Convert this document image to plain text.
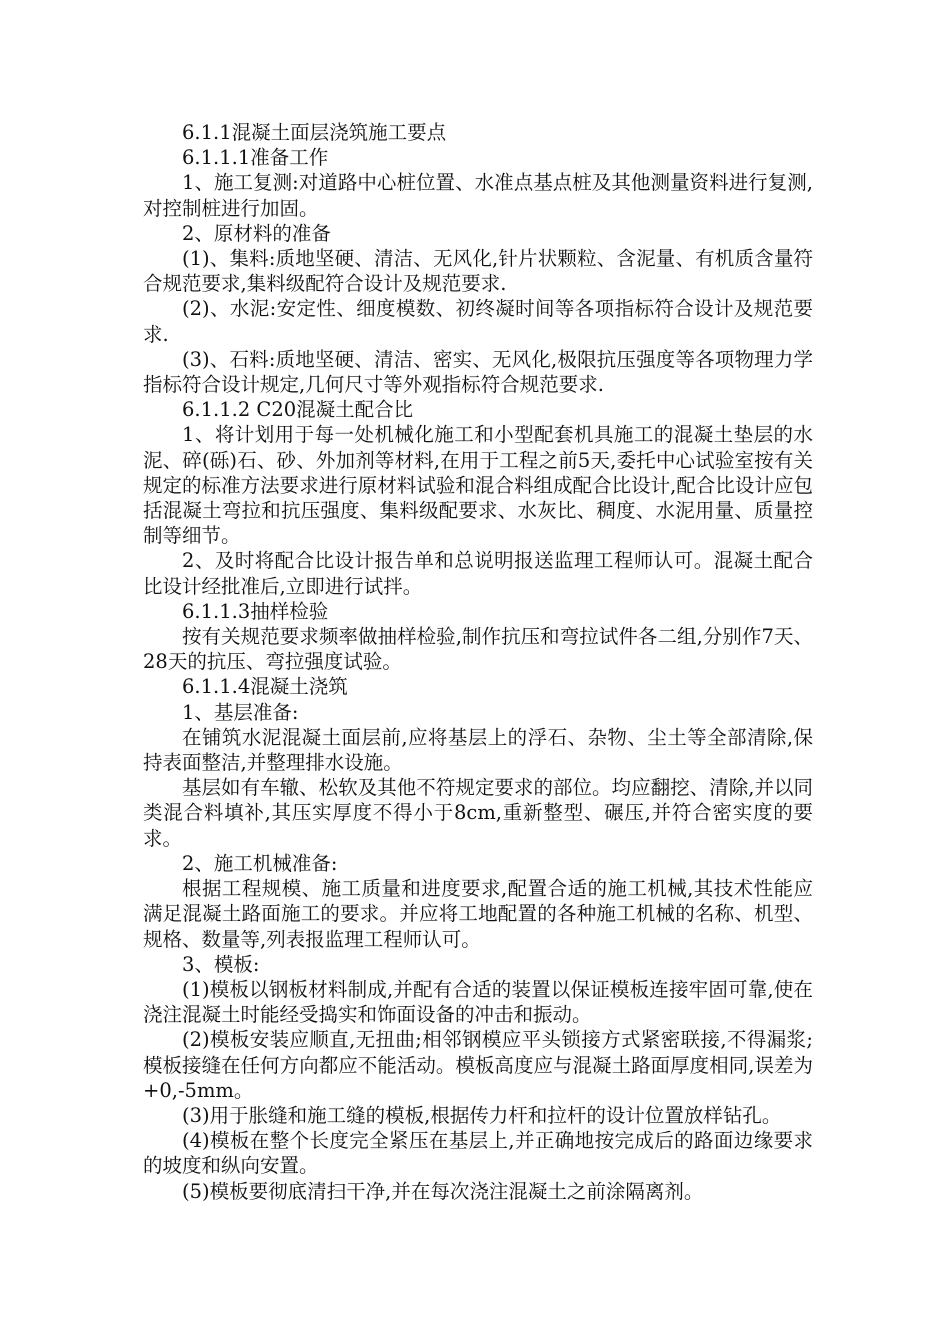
6.1.1混凝土面层浇筑施工要点

6.1.1.1准备工作

1、施工复测:对道路中心桩位置、水准点基点桩及其他测量资料进行复测,对控制桩进行加固。

2、原材料的准备

(1)、集料:质地坚硬、清洁、无风化,针片状颗粒、含泥量、有机质含量符合规范要求,集料级配符合设计及规范要求.

(2)、水泥:安定性、细度模数、初终凝时间等各项指标符合设计及规范要求.

(3)、石料:质地坚硬、清洁、密实、无风化,极限抗压强度等各项物理力学指标符合设计规定,几何尺寸等外观指标符合规范要求.

6.1.1.2 C20混凝土配合比

1、将计划用于每一处机械化施工和小型配套机具施工的混凝土垫层的水泥、碎(砾)石、砂、外加剂等材料,在用于工程之前5天,委托中心试验室按有关规定的标准方法要求进行原材料试验和混合料组成配合比设计,配合比设计应包括混凝土弯拉和抗压强度、集料级配要求、水灰比、稠度、水泥用量、质量控制等细节。

2、及时将配合比设计报告单和总说明报送监理工程师认可。混凝土配合比设计经批准后,立即进行试拌。

6.1.1.3抽样检验

按有关规范要求频率做抽样检验,制作抗压和弯拉试件各二组,分别作7天、28天的抗压、弯拉强度试验。

6.1.1.4混凝土浇筑

1、基层准备:

在铺筑水泥混凝土面层前,应将基层上的浮石、杂物、尘土等全部清除,保持表面整洁,并整理排水设施。

基层如有车辙、松软及其他不符规定要求的部位。均应翻挖、清除,并以同类混合料填补,其压实厚度不得小于8cm,重新整型、碾压,并符合密实度的要求。

2、施工机械准备:

根据工程规模、施工质量和进度要求,配置合适的施工机械,其技术性能应满足混凝土路面施工的要求。并应将工地配置的各种施工机械的名称、机型、规格、数量等,列表报监理工程师认可。

3、模板:

(1)模板以钢板材料制成,并配有合适的装置以保证模板连接牢固可靠,使在浇注混凝土时能经受捣实和饰面设备的冲击和振动。

(2)模板安装应顺直,无扭曲;相邻钢模应平头锁接方式紧密联接,不得漏浆;模板接缝在任何方向都应不能活动。模板高度应与混凝土路面厚度相同,误差为+0,-5mm。

(3)用于胀缝和施工缝的模板,根据传力杆和拉杆的设计位置放样钻孔。

(4)模板在整个长度完全紧压在基层上,并正确地按完成后的路面边缘要求的坡度和纵向安置。

(5)模板要彻底清扫干净,并在每次浇注混凝土之前涂隔离剂。
